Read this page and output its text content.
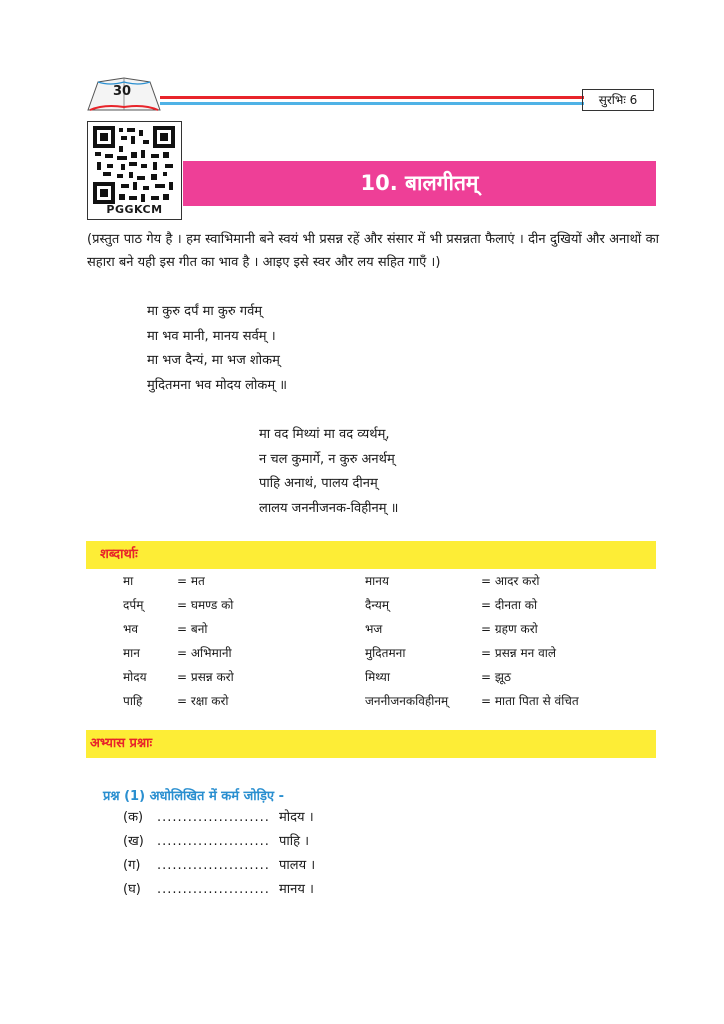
30
सुरभिः 6
PGGKCM
10. बालगीतम्
(प्रस्तुत पाठ गेय है । हम स्वाभिमानी बने स्वयं भी प्रसन्न रहें और संसार में भी प्रसन्नता फैलाएं । दीन दुखियों और अनाथों का सहारा बने यही इस गीत का भाव है । आइए इसे स्वर और लय सहित गाएँ ।)
मा कुरु दर्पं मा कुरु गर्वम्
मा भव मानी, मानय सर्वम् ।
मा भज दैन्यं, मा भज शोकम्
मुदितमना भव मोदय लोकम् ॥
मा वद मिथ्यां मा वद व्यर्थम्,
न चल कुमार्गे, न कुरु अनर्थम्
पाहि अनाथं, पालय दीनम्
लालय जननीजनक-विहीनम् ॥
शब्दार्थाः
मा	= मत	मानय	= आदर करो
दर्पम्	= घमण्ड को	दैन्यम्	= दीनता को
भव	= बनो	भज	= ग्रहण करो
मान	= अभिमानी	मुदितमना	= प्रसन्न मन वाले
मोदय	= प्रसन्न करो	मिथ्या	= झूठ
पाहि	= रक्षा करो	जननीजनकविहीनम्	= माता पिता से वंचित
अभ्यास प्रश्नाः
प्रश्न (1) अधोलिखित में कर्म जोड़िए -
(क) ...................... मोदय ।
(ख) ...................... पाहि ।
(ग) ...................... पालय ।
(घ) ...................... मानय ।
